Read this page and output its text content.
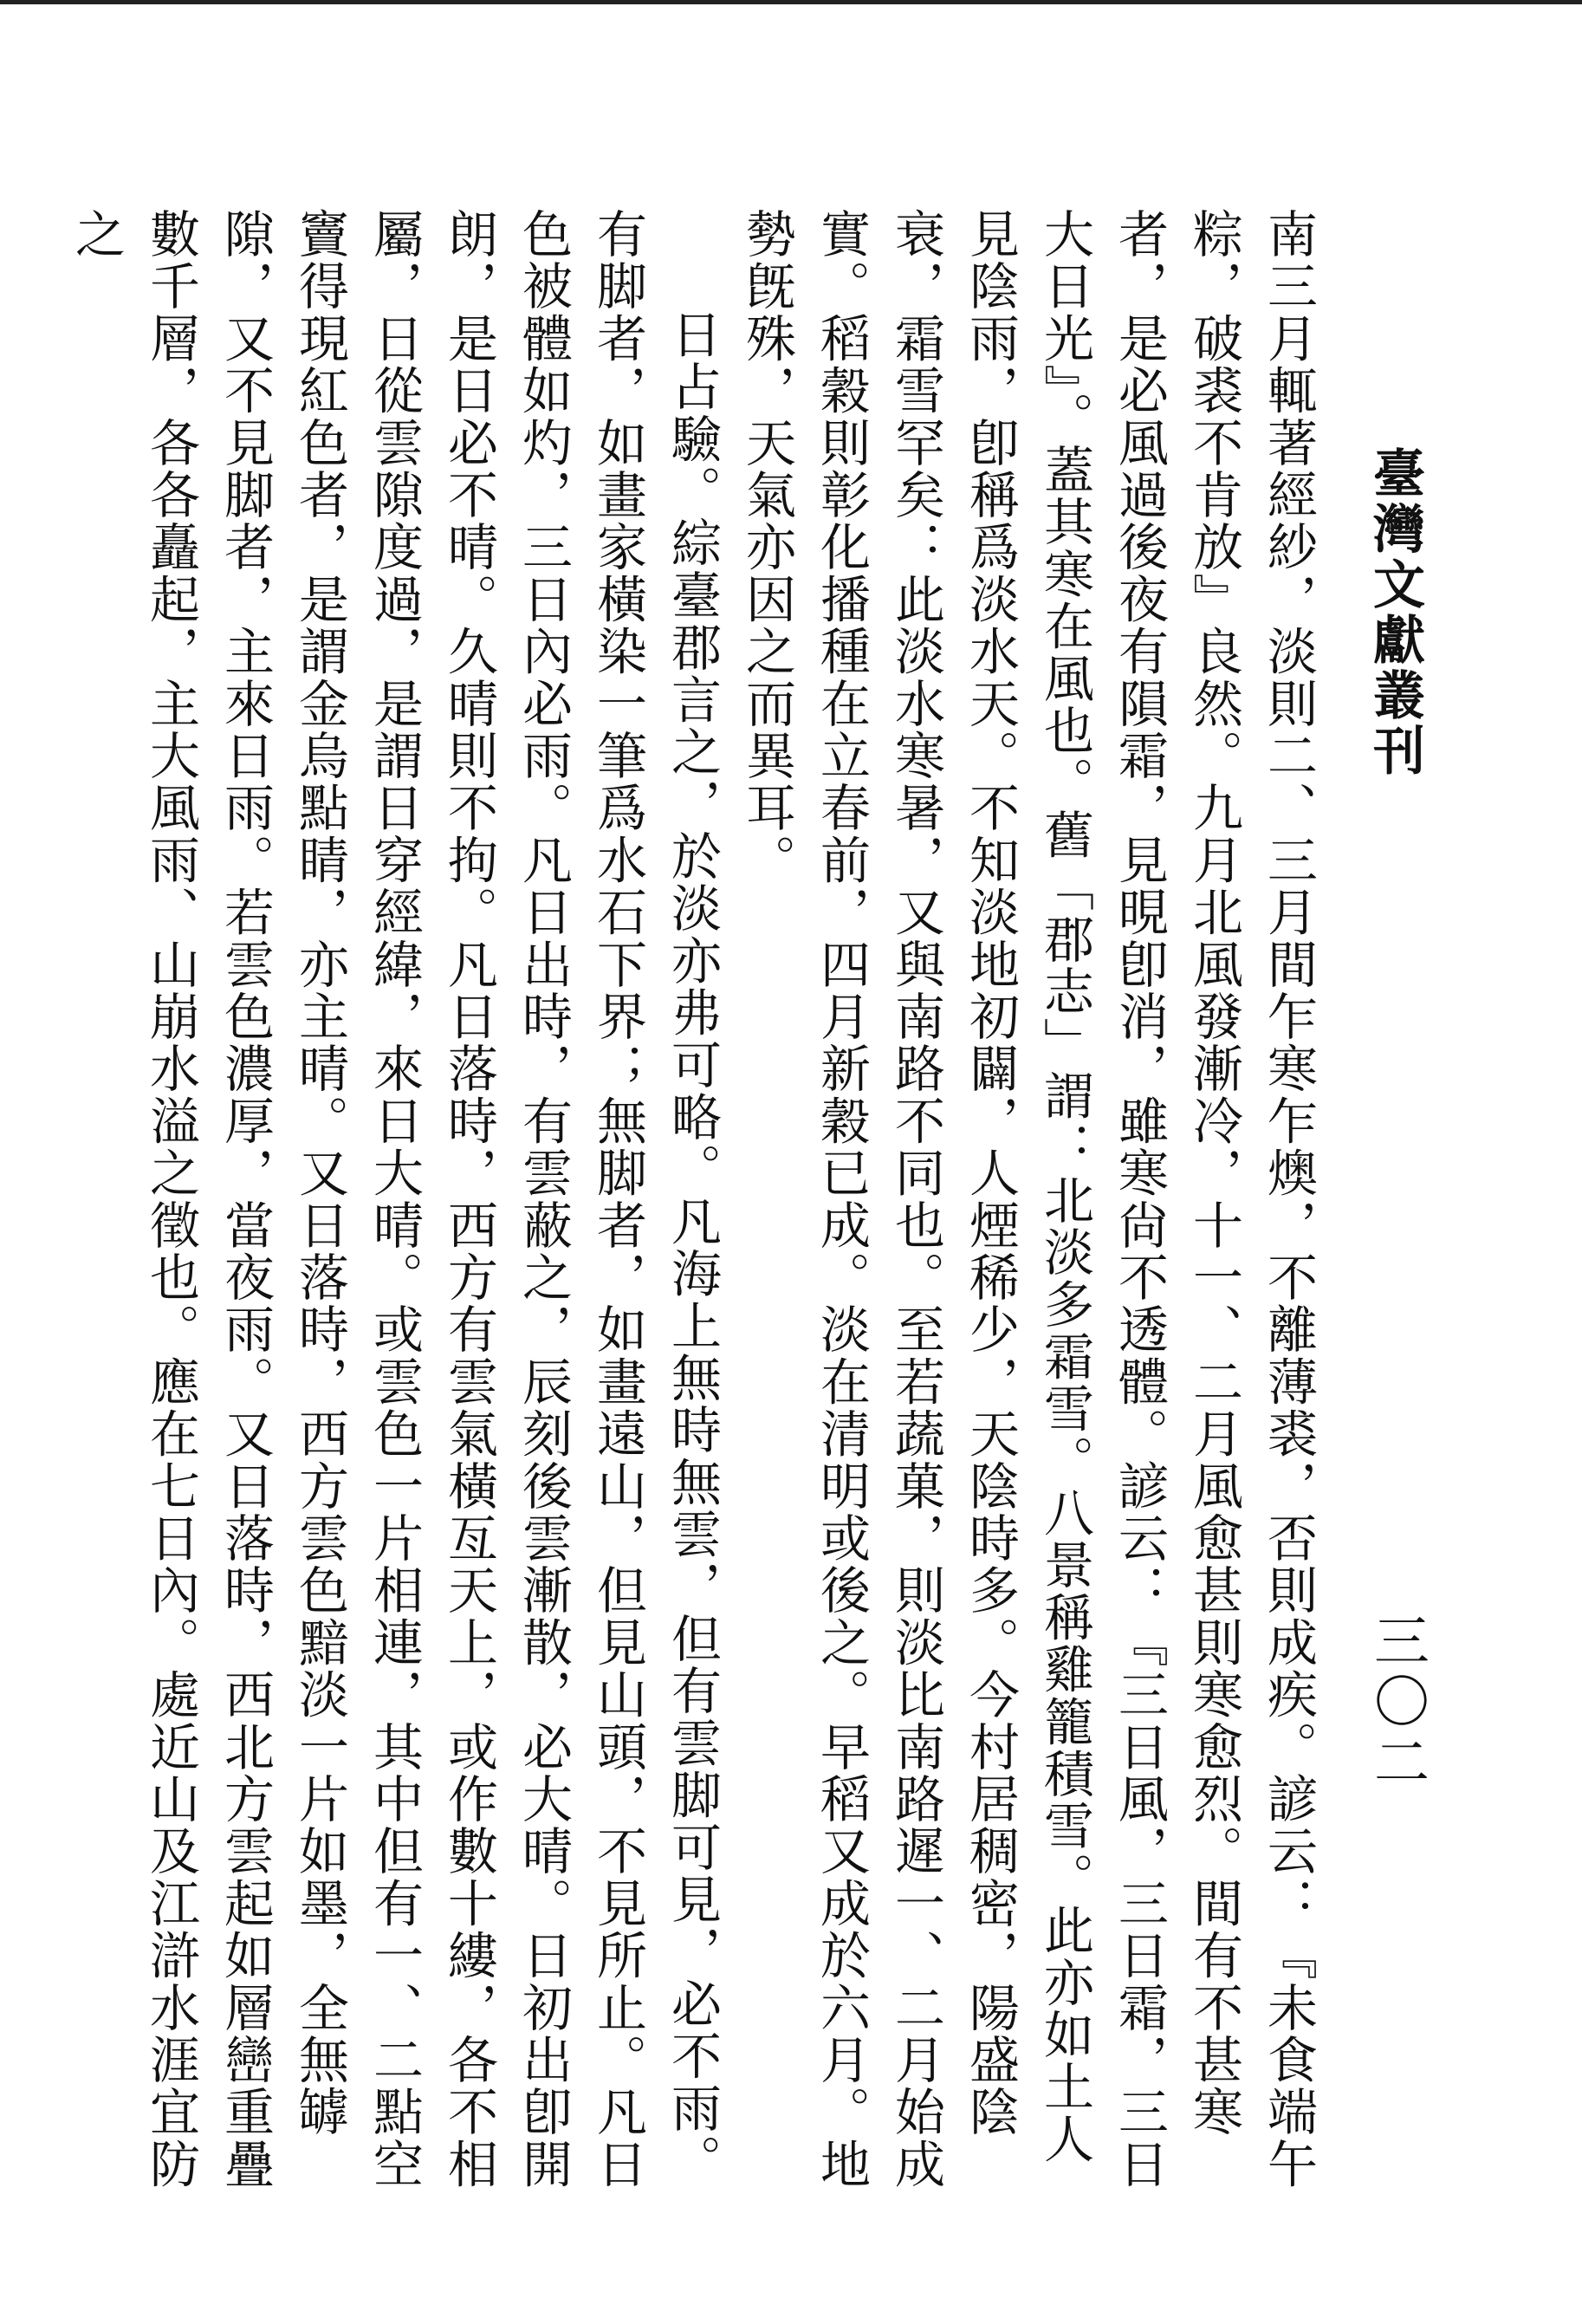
臺灣文獻叢刊
三〇二

南三月輒著經紗，淡則二、三月間乍寒乍燠，不離薄裘，否則成疾。諺云：『未食端午粽，破裘不肯放』良然。九月北風發漸冷，十一、二月風愈甚則寒愈烈。間有不甚寒者，是必風過後夜有隕霜，見晛卽消，雖寒尙不透體。諺云：『三日風，三日霜，三日大日光』。蓋其寒在風也。舊「郡志」謂：北淡多霜雪。八景稱雞籠積雪。此亦如土人見陰雨，卽稱爲淡水天。不知淡地初闢，人煙稀少，天陰時多。今村居稠密，陽盛陰衰，霜雪罕矣：此淡水寒暑，又與南路不同也。至若蔬菓，則淡比南路遲一、二月始成實。稻穀則彰化播種在立春前，四月新穀已成。淡在清明或後之。早稻又成於六月。地勢旣殊，天氣亦因之而異耳。

日占驗。綜臺郡言之，於淡亦弗可略。凡海上無時無雲，但有雲脚可見，必不雨。有脚者，如畫家橫染一筆爲水石下界；無脚者，如畫遠山，但見山頭，不見所止。凡日色被體如灼，三日內必雨。凡日出時，有雲蔽之，辰刻後雲漸散，必大晴。日初出卽開朗，是日必不晴。久晴則不拘。凡日落時，西方有雲氣橫亙天上，或作數十縷，各不相屬，日從雲隙度過，是謂日穿經緯，來日大晴。或雲色一片相連，其中但有一、二點空竇得現紅色者，是謂金烏點睛，亦主晴。又日落時，西方雲色黯淡一片如墨，全無罅隙，又不見脚者，主來日雨。若雲色濃厚，當夜雨。又日落時，西北方雲起如層巒重疊數千層，各各矗起，主大風雨、山崩水溢之徵也。應在七日內。處近山及江滸水涯宜防之
